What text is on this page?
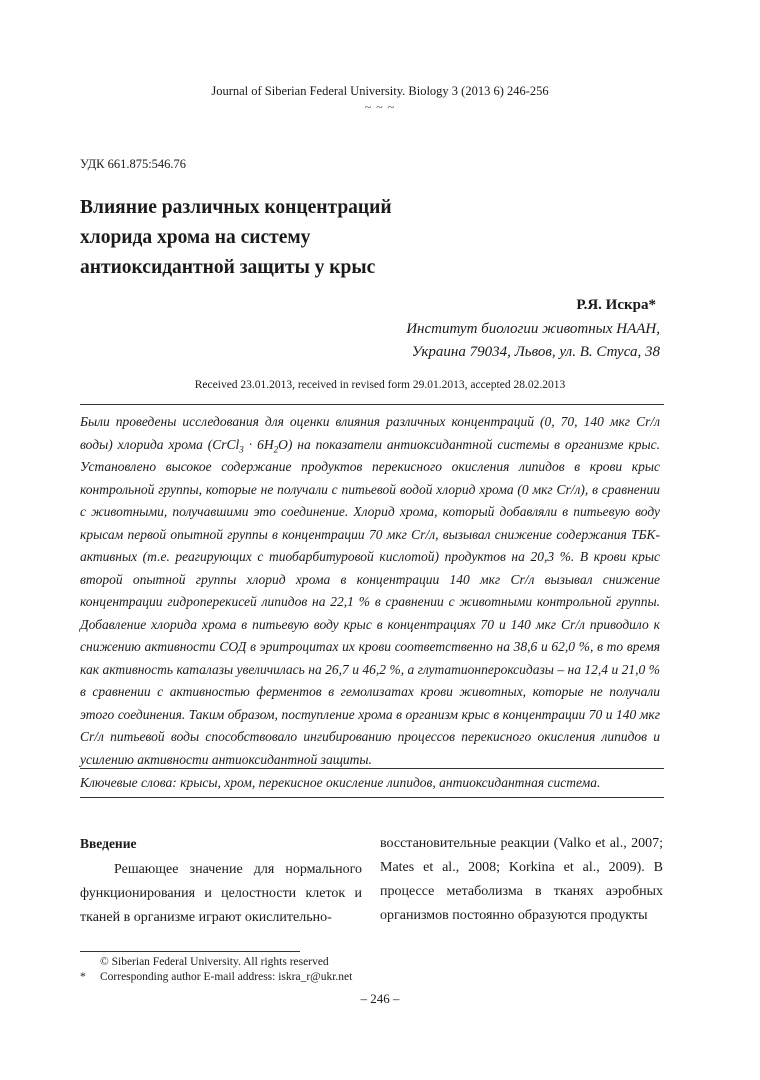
Journal of Siberian Federal University. Biology 3 (2013 6) 246-256
~ ~ ~
УДК 661.875:546.76
Влияние различных концентраций
хлорида хрома на систему
антиоксидантной защиты у крыс
Р.Я. Искра*
Институт биологии животных НААН,
Украина 79034, Львов, ул. В. Стуса, 38
Received 23.01.2013, received in revised form 29.01.2013, accepted 28.02.2013
Были проведены исследования для оценки влияния различных концентраций (0, 70, 140 мкг Cr/л воды) хлорида хрома (CrCl$_3$ · $6H_2O$) на показатели антиоксидантной системы в организме крыс. Установлено высокое содержание продуктов перекисного окисления липидов в крови крыс контрольной группы, которые не получали с питьевой водой хлорид хрома (0 мкг Cr/л), в сравнении с животными, получавшими это соединение. Хлорид хрома, который добавляли в питьевую воду крысам первой опытной группы в концентрации 70 мкг Cr/л, вызывал снижение содержания ТБК-активных (т.е. реагирующих с тиобарбитуровой кислотой) продуктов на 20,3 %. В крови крыс второй опытной группы хлорид хрома в концентрации 140 мкг Cr/л вызывал снижение концентрации гидроперекисей липидов на 22,1 % в сравнении с животными контрольной группы. Добавление хлорида хрома в питьевую воду крыс в концентрациях 70 и 140 мкг Cr/л приводило к снижению активности СОД в эритроцитах их крови соответственно на 38,6 и 62,0 %, в то время как активность каталазы увеличилась на 26,7 и 46,2 %, а глутатионпероксидазы – на 12,4 и 21,0 % в сравнении с активностью ферментов в гемолизатах крови животных, которые не получали этого соединения. Таким образом, поступление хрома в организм крыс в концентрации 70 и 140 мкг Cr/л питьевой воды способствовало ингибированию процессов перекисного окисления липидов и усилению активности антиоксидантной защиты.
Ключевые слова: крысы, хром, перекисное окисление липидов, антиоксидантная система.
Введение
Решающее значение для нормального функционирования и целостности клеток и тканей в организме играют окислительно-
восстановительные реакции (Valko et al., 2007; Mates et al., 2008; Korkina et al., 2009). В процессе метаболизма в тканях аэробных организмов постоянно образуются продукты
© Siberian Federal University. All rights reserved
*	Corresponding author E-mail address: iskra_r@ukr.net
– 246 –
